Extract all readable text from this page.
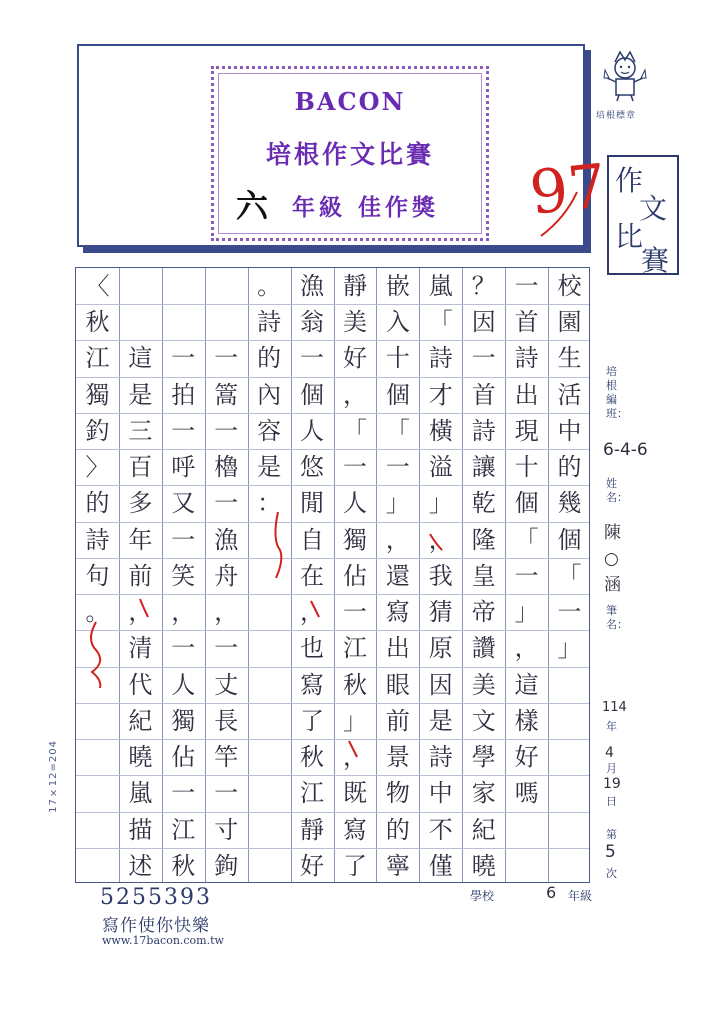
BACON
培根作文比賽
六 年級 佳作獎 97
培根標章
作
文
比
賽
17×12=204
校
園
生
活
中
的
幾
個
「
一
」
一
首
詩
出
現
十
個
「
一
」
，
這
樣
好
嗎
？
因
一
首
詩
讓
乾
隆
皇
帝
讚
美
文
學
家
紀
曉
嵐
「
詩
才
橫
溢
」
，
我
猜
原
因
是
詩
中
不
僅
嵌
入
十
個
「
一
」
，
還
寫
出
眼
前
景
物
的
寧
靜
美
好
，
「
一
人
獨
佔
一
江
秋
」
，
既
寫
了
漁
翁
一
個
人
悠
閒
自
在
，
也
寫
了
秋
江
靜
好
。
詩
的
內
容
是
：
一
篙
一
櫓
一
漁
舟
，
一
丈
長
竿
一
寸
鉤
一
拍
一
呼
又
一
笑
，
一
人
獨
佔
一
江
秋
這
是
三
百
多
年
前
，
清
代
紀
曉
嵐
描
述
〈
秋
江
獨
釣
〉
的
詩
句
。
培根編班：
6-4-6
姓名：
陳○涵
筆名：
114
年
4
月
19
日
第
5
次
5255393
寫作使你快樂
www.17bacon.com.tw
學校	6 年級
